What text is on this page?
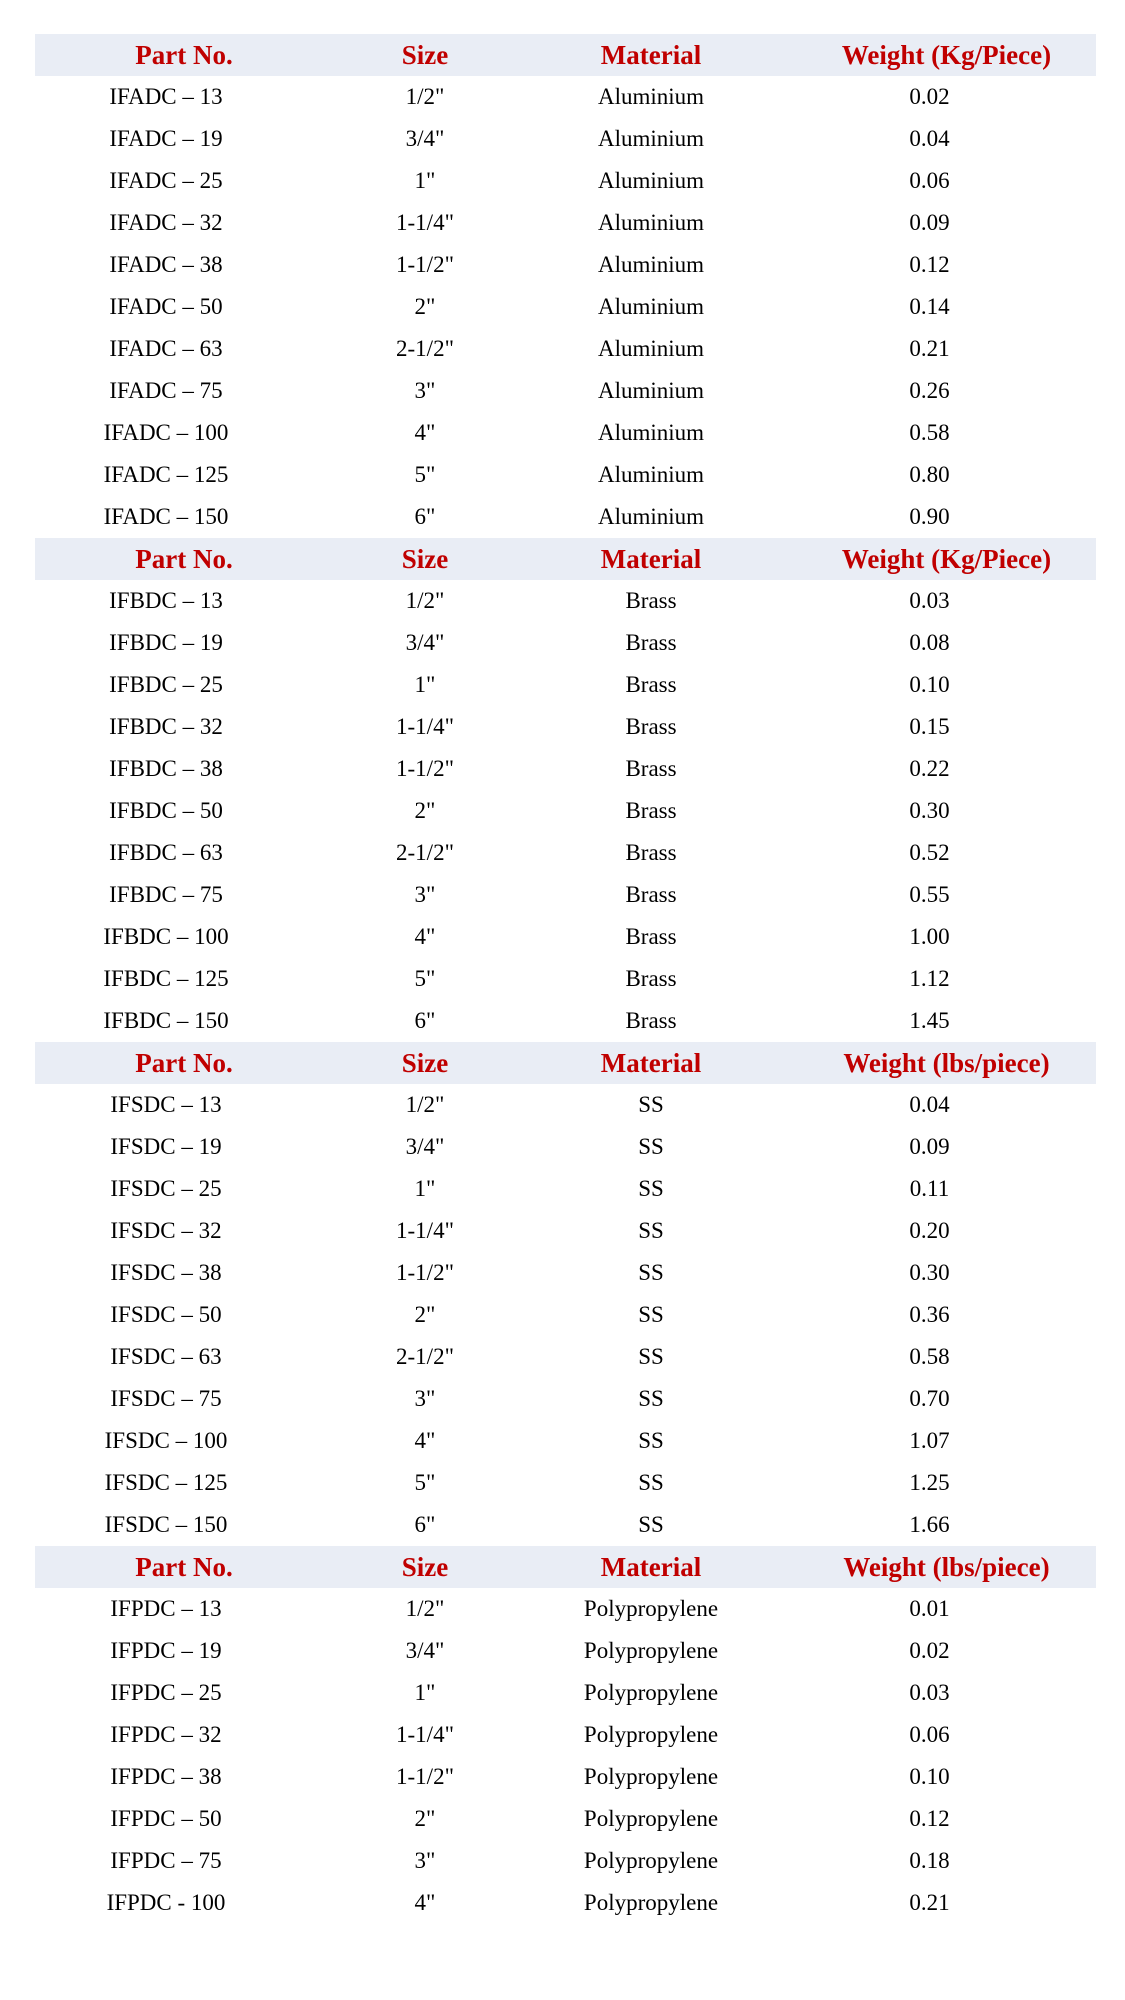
Part No.	Size	Material	Weight (Kg/Piece)
IFADC – 13	1/2"	Aluminium	0.02
IFADC – 19	3/4"	Aluminium	0.04
IFADC – 25	1"	Aluminium	0.06
IFADC – 32	1-1/4"	Aluminium	0.09
IFADC – 38	1-1/2"	Aluminium	0.12
IFADC – 50	2"	Aluminium	0.14
IFADC – 63	2-1/2"	Aluminium	0.21
IFADC – 75	3"	Aluminium	0.26
IFADC – 100	4"	Aluminium	0.58
IFADC – 125	5"	Aluminium	0.80
IFADC – 150	6"	Aluminium	0.90
Part No.	Size	Material	Weight (Kg/Piece)
IFBDC – 13	1/2"	Brass	0.03
IFBDC – 19	3/4"	Brass	0.08
IFBDC – 25	1"	Brass	0.10
IFBDC – 32	1-1/4"	Brass	0.15
IFBDC – 38	1-1/2"	Brass	0.22
IFBDC – 50	2"	Brass	0.30
IFBDC – 63	2-1/2"	Brass	0.52
IFBDC – 75	3"	Brass	0.55
IFBDC – 100	4"	Brass	1.00
IFBDC – 125	5"	Brass	1.12
IFBDC – 150	6"	Brass	1.45
Part No.	Size	Material	Weight (lbs/piece)
IFSDC – 13	1/2"	SS	0.04
IFSDC – 19	3/4"	SS	0.09
IFSDC – 25	1"	SS	0.11
IFSDC – 32	1-1/4"	SS	0.20
IFSDC – 38	1-1/2"	SS	0.30
IFSDC – 50	2"	SS	0.36
IFSDC – 63	2-1/2"	SS	0.58
IFSDC – 75	3"	SS	0.70
IFSDC – 100	4"	SS	1.07
IFSDC – 125	5"	SS	1.25
IFSDC – 150	6"	SS	1.66
Part No.	Size	Material	Weight (lbs/piece)
IFPDC – 13	1/2"	Polypropylene	0.01
IFPDC – 19	3/4"	Polypropylene	0.02
IFPDC – 25	1"	Polypropylene	0.03
IFPDC – 32	1-1/4"	Polypropylene	0.06
IFPDC – 38	1-1/2"	Polypropylene	0.10
IFPDC – 50	2"	Polypropylene	0.12
IFPDC – 75	3"	Polypropylene	0.18
IFPDC - 100	4"	Polypropylene	0.21
